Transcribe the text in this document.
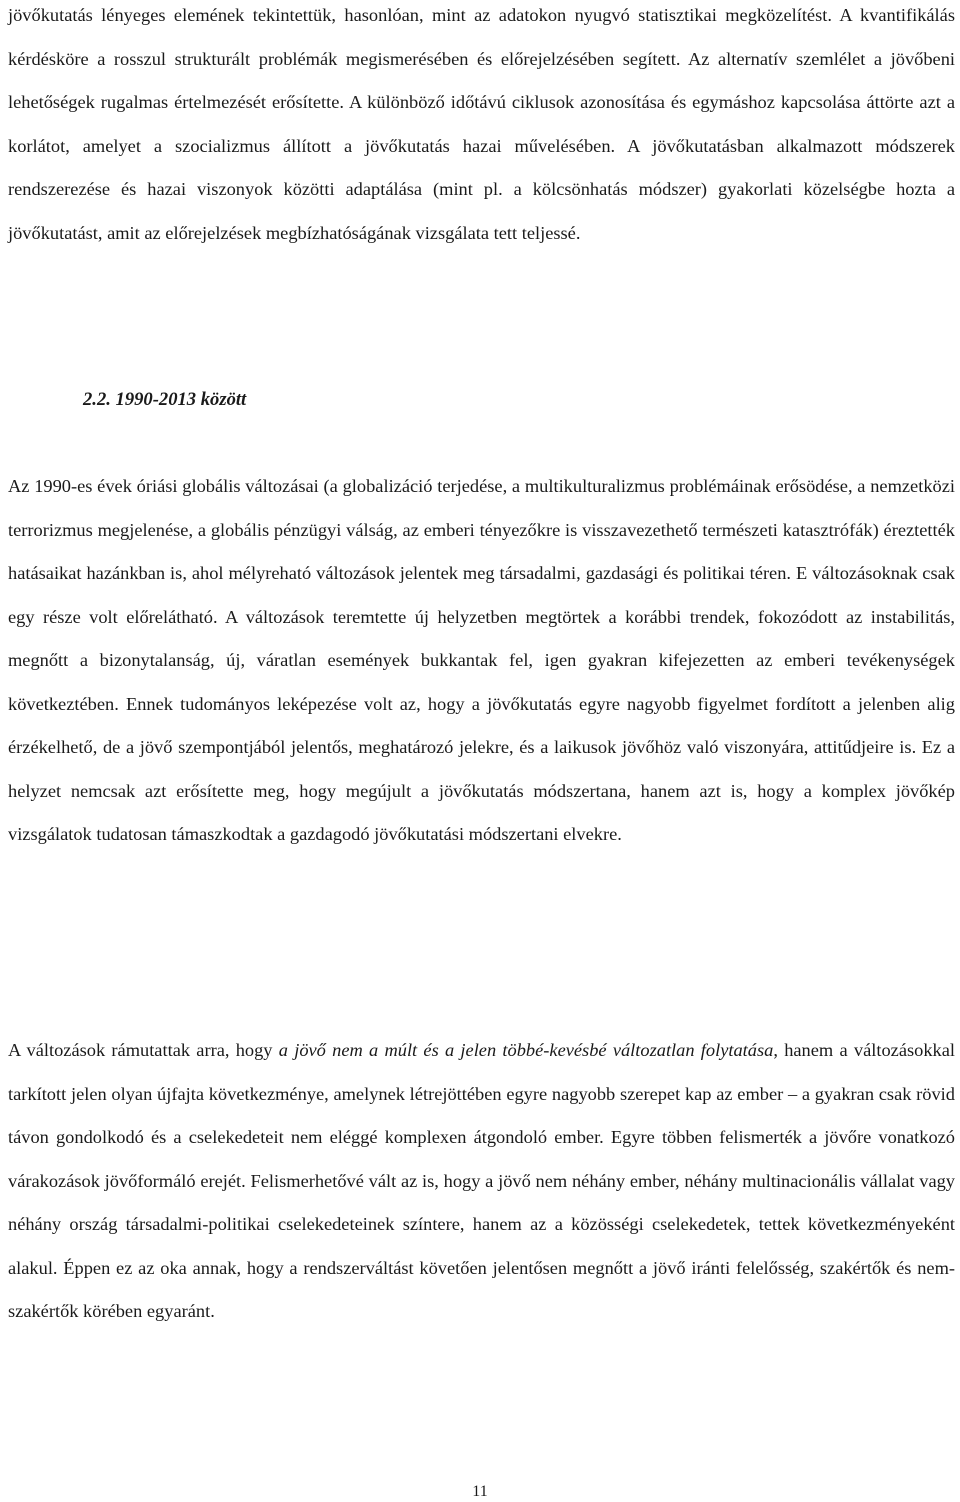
jövőkutatás lényeges elemének tekintettük, hasonlóan, mint az adatokon nyugvó statisztikai megközelítést. A kvantifikálás kérdésköre a rosszul strukturált problémák megismerésében és előrejelzésében segített. Az alternatív szemlélet a jövőbeni lehetőségek rugalmas értelmezését erősítette. A különböző időtávú ciklusok azonosítása és egymáshoz kapcsolása áttörte azt a korlátot, amelyet a szocializmus állított a jövőkutatás hazai művelésében. A jövőkutatásban alkalmazott módszerek rendszerezése és hazai viszonyok közötti adaptálása (mint pl. a kölcsönhatás módszer) gyakorlati közelségbe hozta a jövőkutatást, amit az előrejelzések megbízhatóságának vizsgálata tett teljessé.

2.2. 1990-2013 között

Az 1990-es évek óriási globális változásai (a globalizáció terjedése, a multikulturalizmus problémáinak erősödése, a nemzetközi terrorizmus megjelenése, a globális pénzügyi válság, az emberi tényezőkre is visszavezethető természeti katasztrófák) éreztették hatásaikat hazánkban is, ahol mélyreható változások jelentek meg társadalmi, gazdasági és politikai téren. E változásoknak csak egy része volt előrelátható. A változások teremtette új helyzetben megtörtek a korábbi trendek, fokozódott az instabilitás, megnőtt a bizonytalanság, új, váratlan események bukkantak fel, igen gyakran kifejezetten az emberi tevékenységek következtében. Ennek tudományos leképezése volt az, hogy a jövőkutatás egyre nagyobb figyelmet fordított a jelenben alig érzékelhető, de a jövő szempontjából jelentős, meghatározó jelekre, és a laikusok jövőhöz való viszonyára, attitűdjeire is. Ez a helyzet nemcsak azt erősítette meg, hogy megújult a jövőkutatás módszertana, hanem azt is, hogy a komplex jövőkép vizsgálatok tudatosan támaszkodtak a gazdagodó jövőkutatási módszertani elvekre.

A változások rámutattak arra, hogy a jövő nem a múlt és a jelen többé-kevésbé változatlan folytatása, hanem a változásokkal tarkított jelen olyan újfajta következménye, amelynek létrejöttében egyre nagyobb szerepet kap az ember – a gyakran csak rövid távon gondolkodó és a cselekedeteit nem eléggé komplexen átgondoló ember. Egyre többen felismerték a jövőre vonatkozó várakozások jövőformáló erejét. Felismerhetővé vált az is, hogy a jövő nem néhány ember, néhány multinacionális vállalat vagy néhány ország társadalmi-politikai cselekedeteinek színtere, hanem az a közösségi cselekedetek, tettek következményeként alakul. Éppen ez az oka annak, hogy a rendszerváltást követően jelentősen megnőtt a jövő iránti felelősség, szakértők és nem-szakértők körében egyaránt.

11
